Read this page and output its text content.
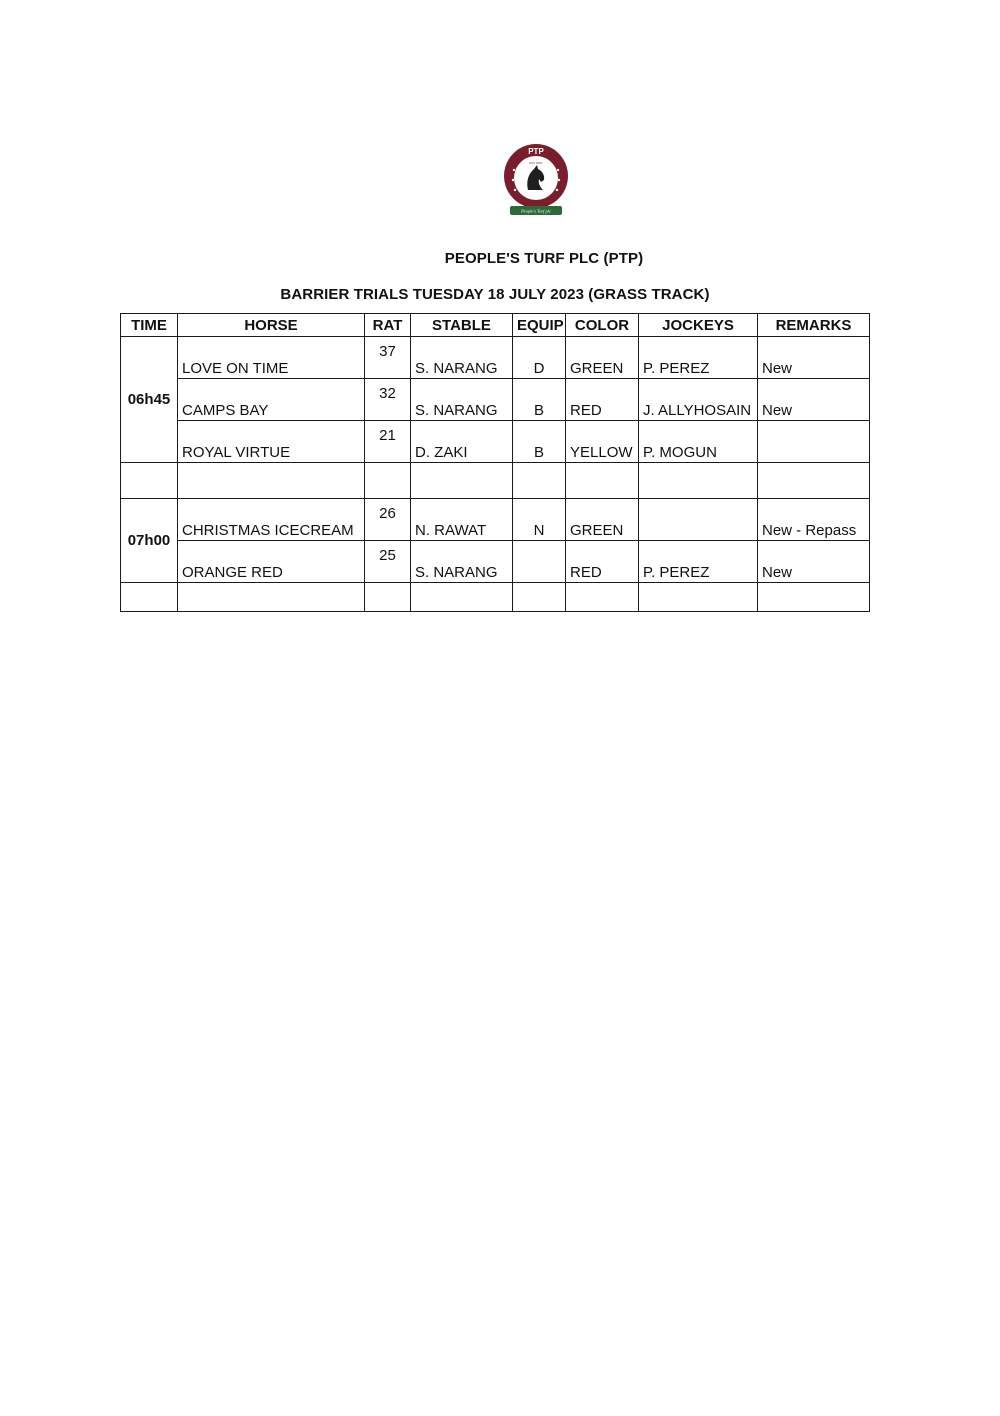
PTP
EST 2021
People's Turf plc
PEOPLE'S TURF PLC (PTP)
BARRIER TRIALS TUESDAY 18 JULY 2023 (GRASS TRACK)
TIME	HORSE	RAT	STABLE	EQUIP	COLOR	JOCKEYS	REMARKS
06h45	LOVE ON TIME	37	S. NARANG	D	GREEN	P. PEREZ	New
	CAMPS BAY	32	S. NARANG	B	RED	J. ALLYHOSAIN	New
	ROYAL VIRTUE	21	D. ZAKI	B	YELLOW	P. MOGUN	

07h00	CHRISTMAS ICECREAM	26	N. RAWAT	N	GREEN		New - Repass
	ORANGE RED	25	S. NARANG		RED	P. PEREZ	New
